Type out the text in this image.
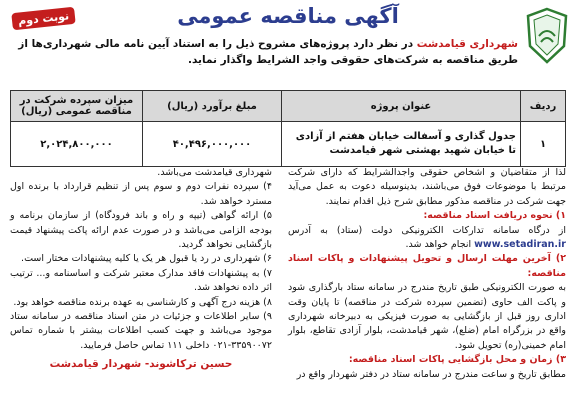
نوبت دوم	آگهی مناقصه عمومی
شهرداری قیامدشت در نظر دارد پروژه‌های مشروح ذیل را به استناد آیین نامه مالی شهرداری‌ها از طریق مناقصه به شرکت‌های حقوقی واجد الشرایط واگذار نماید.
ردیف	عنوان پروژه	مبلغ برآورد (ریال)	میزان سپرده شرکت در مناقصه عمومی (ریال)
۱	جدول گذاری و آسفالت خیابان هفتم از آزادی تا خیابان شهید بهشتی شهر قیامدشت	۴۰,۴۹۶,۰۰۰,۰۰۰	۲,۰۲۴,۸۰۰,۰۰۰
لذا از متقاضیان و اشخاص حقوقی واجدالشرایط که دارای شرکت مرتبط با موضوعات فوق می‌باشند، بدینوسیله دعوت به عمل می‌آید جهت شرکت در مناقصه مذکور مطابق شرح ذیل اقدام نمایند.
۱) نحوه دریافت اسناد مناقصه:
از درگاه سامانه تدارکات الکترونیکی دولت (ستاد) به آدرس www.setadiran.ir انجام خواهد شد.
۲) آخرین مهلت ارسال و تحویل پیشنهادات و پاکات اسناد مناقصه:
به صورت الکترونیکی طبق تاریخ مندرج در سامانه ستاد بارگذاری شود و پاکت الف حاوی (تضمین سپرده شرکت در مناقصه) تا پایان وقت اداری روز قبل از بازگشایی به صورت فیزیکی به دبیرخانه شهرداری واقع در بزرگراه امام (ضلع)، شهر قیامدشت، بلوار آزادی تقاطع، بلوار امام خمینی(ره) تحویل شود.
۳) زمان و محل بازگشایی پاکات اسناد مناقصه:
مطابق تاریخ و ساعت مندرج در سامانه ستاد در دفتر شهردار واقع در
شهرداری قیامدشت می‌باشد.
۴) سپرده نفرات دوم و سوم پس از تنظیم قرارداد با برنده اول مسترد خواهد شد.
۵) ارائه گواهی (تیپه و راه و باند فرودگاه) از سازمان برنامه و بودجه الزامی می‌باشد و در صورت عدم ارائه پاکت پیشنهاد قیمت بازگشایی نخواهد گردید.
۶) شهرداری در رد یا قبول هر یک یا کلیه پیشنهادات مختار است.
۷) به پیشنهادات فاقد مدارک معتبر شرکت و اساسنامه و... ترتیب اثر داده نخواهد شد.
۸) هزینه درج آگهی و کارشناسی به عهده برنده مناقصه خواهد بود.
۹) سایر اطلاعات و جزئیات در متن اسناد مناقصه در سامانه ستاد موجود می‌باشد و جهت کسب اطلاعات بیشتر با شماره تماس ۳۳۵۹۰۰۷۲-۰۲۱ داخلی ۱۱۱ تماس حاصل فرمایید.
حسین ترکاشوند- شهردار قیامدشت
